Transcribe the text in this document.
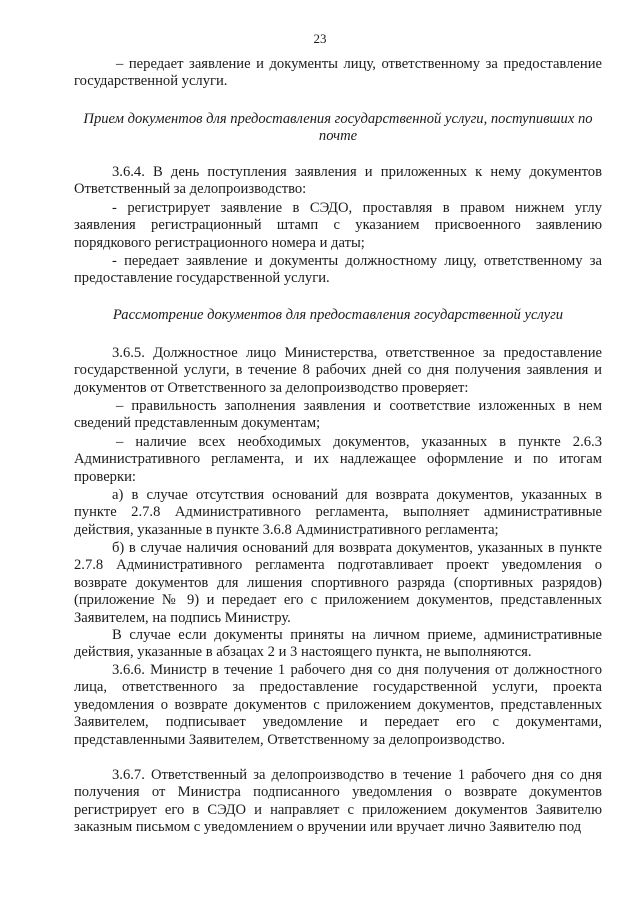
23

– передает заявление и документы лицу, ответственному за предоставление государственной услуги.

Прием документов для предоставления государственной услуги, поступивших по почте

3.6.4. В день поступления заявления и приложенных к нему документов Ответственный за делопроизводство:

- регистрирует заявление в СЭДО, проставляя в правом нижнем углу заявления регистрационный штамп с указанием присвоенного заявлению порядкового регистрационного номера и даты;

- передает заявление и документы должностному лицу, ответственному за предоставление государственной услуги.

Рассмотрение документов для предоставления государственной услуги

3.6.5. Должностное лицо Министерства, ответственное за предоставление государственной услуги, в течение 8 рабочих дней со дня получения заявления и документов от Ответственного за делопроизводство проверяет:

– правильность заполнения заявления и соответствие изложенных в нем сведений представленным документам;

– наличие всех необходимых документов, указанных в пункте 2.6.3 Административного регламента, и их надлежащее оформление и по итогам проверки:

а) в случае отсутствия оснований для возврата документов, указанных в пункте 2.7.8 Административного регламента, выполняет административные действия, указанные в пункте 3.6.8 Административного регламента;

б) в случае наличия оснований для возврата документов, указанных в пункте 2.7.8 Административного регламента подготавливает проект уведомления о возврате документов для лишения спортивного разряда (спортивных разрядов) (приложение № 9) и передает его с приложением документов, представленных Заявителем, на подпись Министру.

В случае если документы приняты на личном приеме, административные действия, указанные в абзацах 2 и 3 настоящего пункта, не выполняются.

3.6.6. Министр в течение 1 рабочего дня со дня получения от должностного лица, ответственного за предоставление государственной услуги, проекта уведомления о возврате документов с приложением документов, представленных Заявителем, подписывает уведомление и передает его с документами, представленными Заявителем, Ответственному за делопроизводство.

3.6.7. Ответственный за делопроизводство в течение 1 рабочего дня со дня получения от Министра подписанного уведомления о возврате документов регистрирует его в СЭДО и направляет с приложением документов Заявителю заказным письмом с уведомлением о вручении или вручает лично Заявителю под
